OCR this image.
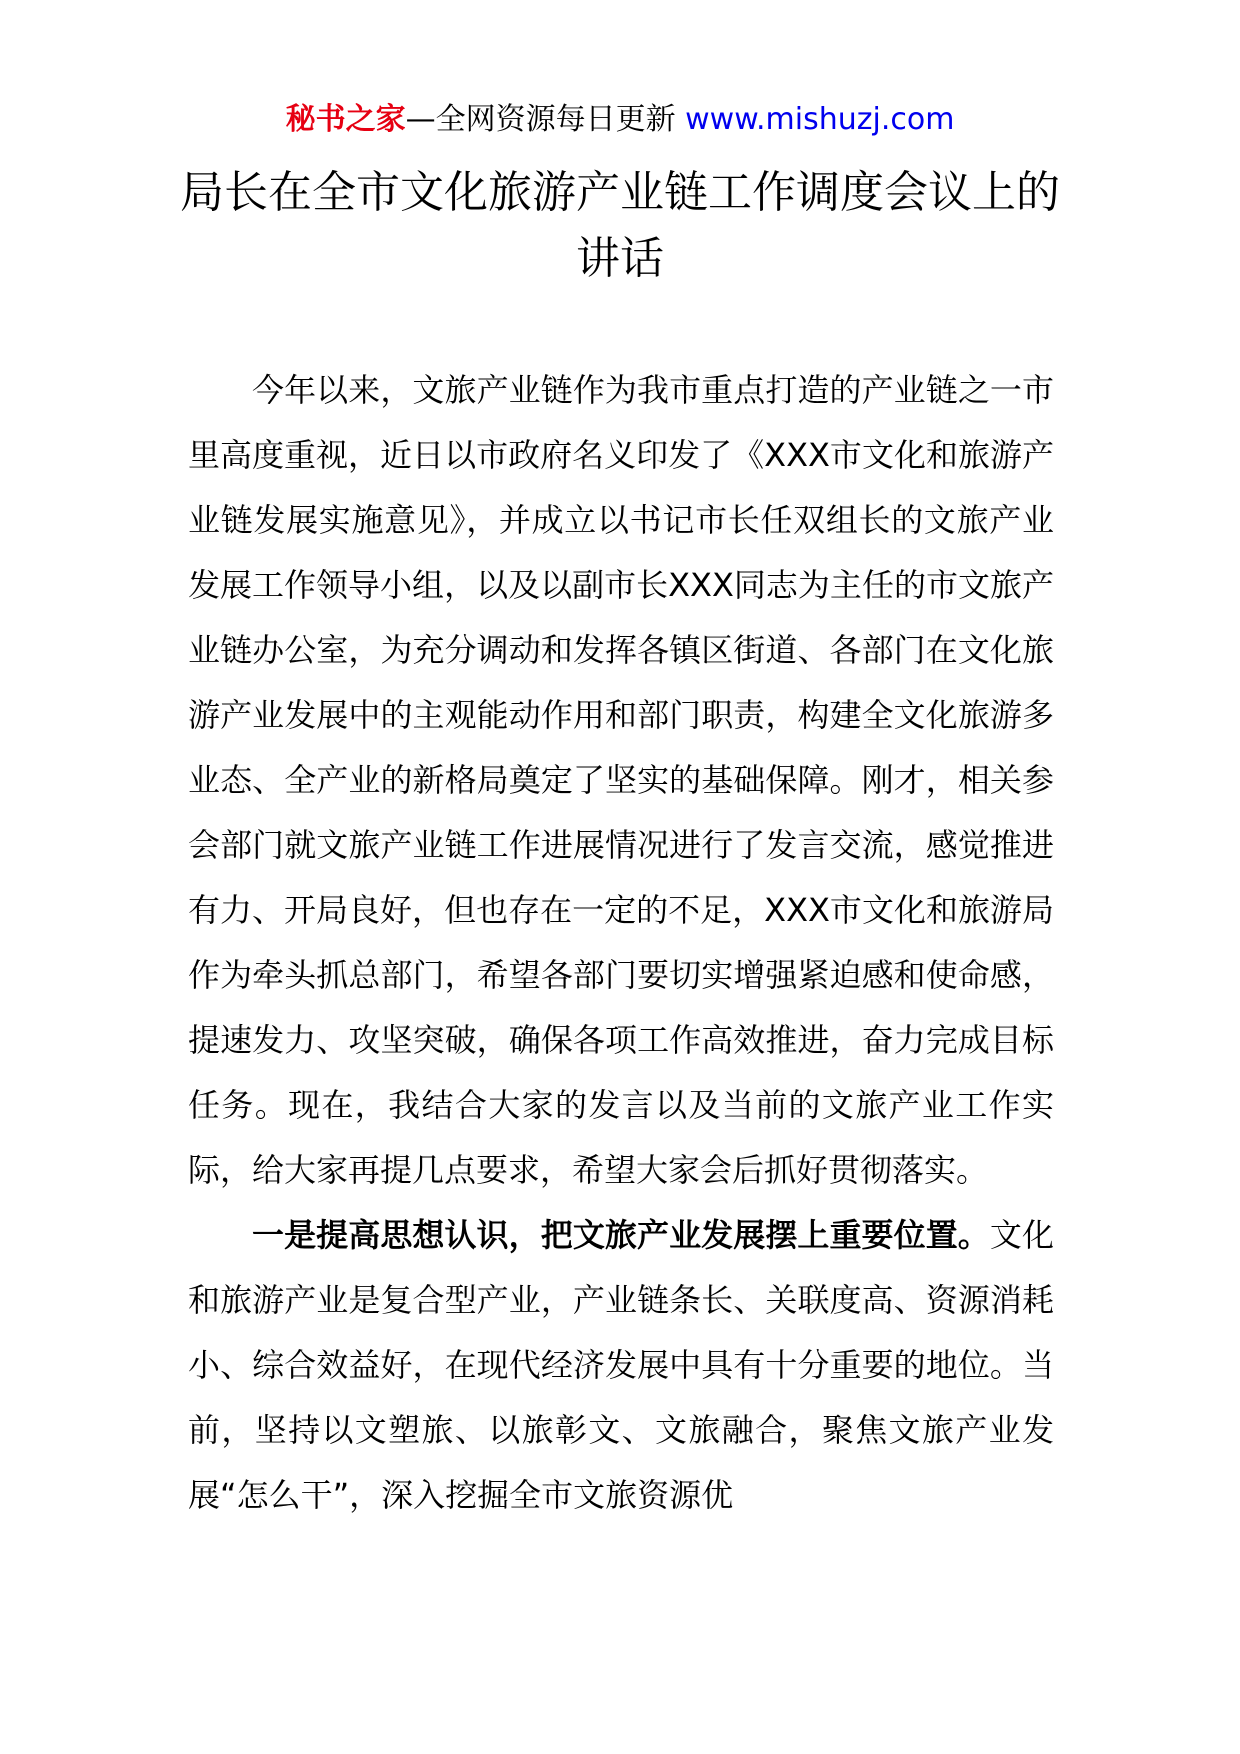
秘书之家—全网资源每日更新 www.mishuzj.com
局长在全市文化旅游产业链工作调度会议上的讲话

今年以来，文旅产业链作为我市重点打造的产业链之一市里高度重视，近日以市政府名义印发了《XXX市文化和旅游产业链发展实施意见》，并成立以书记市长任双组长的文旅产业发展工作领导小组，以及以副市长XXX同志为主任的市文旅产业链办公室，为充分调动和发挥各镇区街道、各部门在文化旅游产业发展中的主观能动作用和部门职责，构建全文化旅游多业态、全产业的新格局奠定了坚实的基础保障。刚才，相关参会部门就文旅产业链工作进展情况进行了发言交流，感觉推进有力、开局良好，但也存在一定的不足，XXX市文化和旅游局作为牵头抓总部门，希望各部门要切实增强紧迫感和使命感，提速发力、攻坚突破，确保各项工作高效推进，奋力完成目标任务。现在，我结合大家的发言以及当前的文旅产业工作实际，给大家再提几点要求，希望大家会后抓好贯彻落实。

一是提高思想认识，把文旅产业发展摆上重要位置。文化和旅游产业是复合型产业，产业链条长、关联度高、资源消耗小、综合效益好，在现代经济发展中具有十分重要的地位。当前，坚持以文塑旅、以旅彰文、文旅融合，聚焦文旅产业发展“怎么干”，深入挖掘全市文旅资源优
